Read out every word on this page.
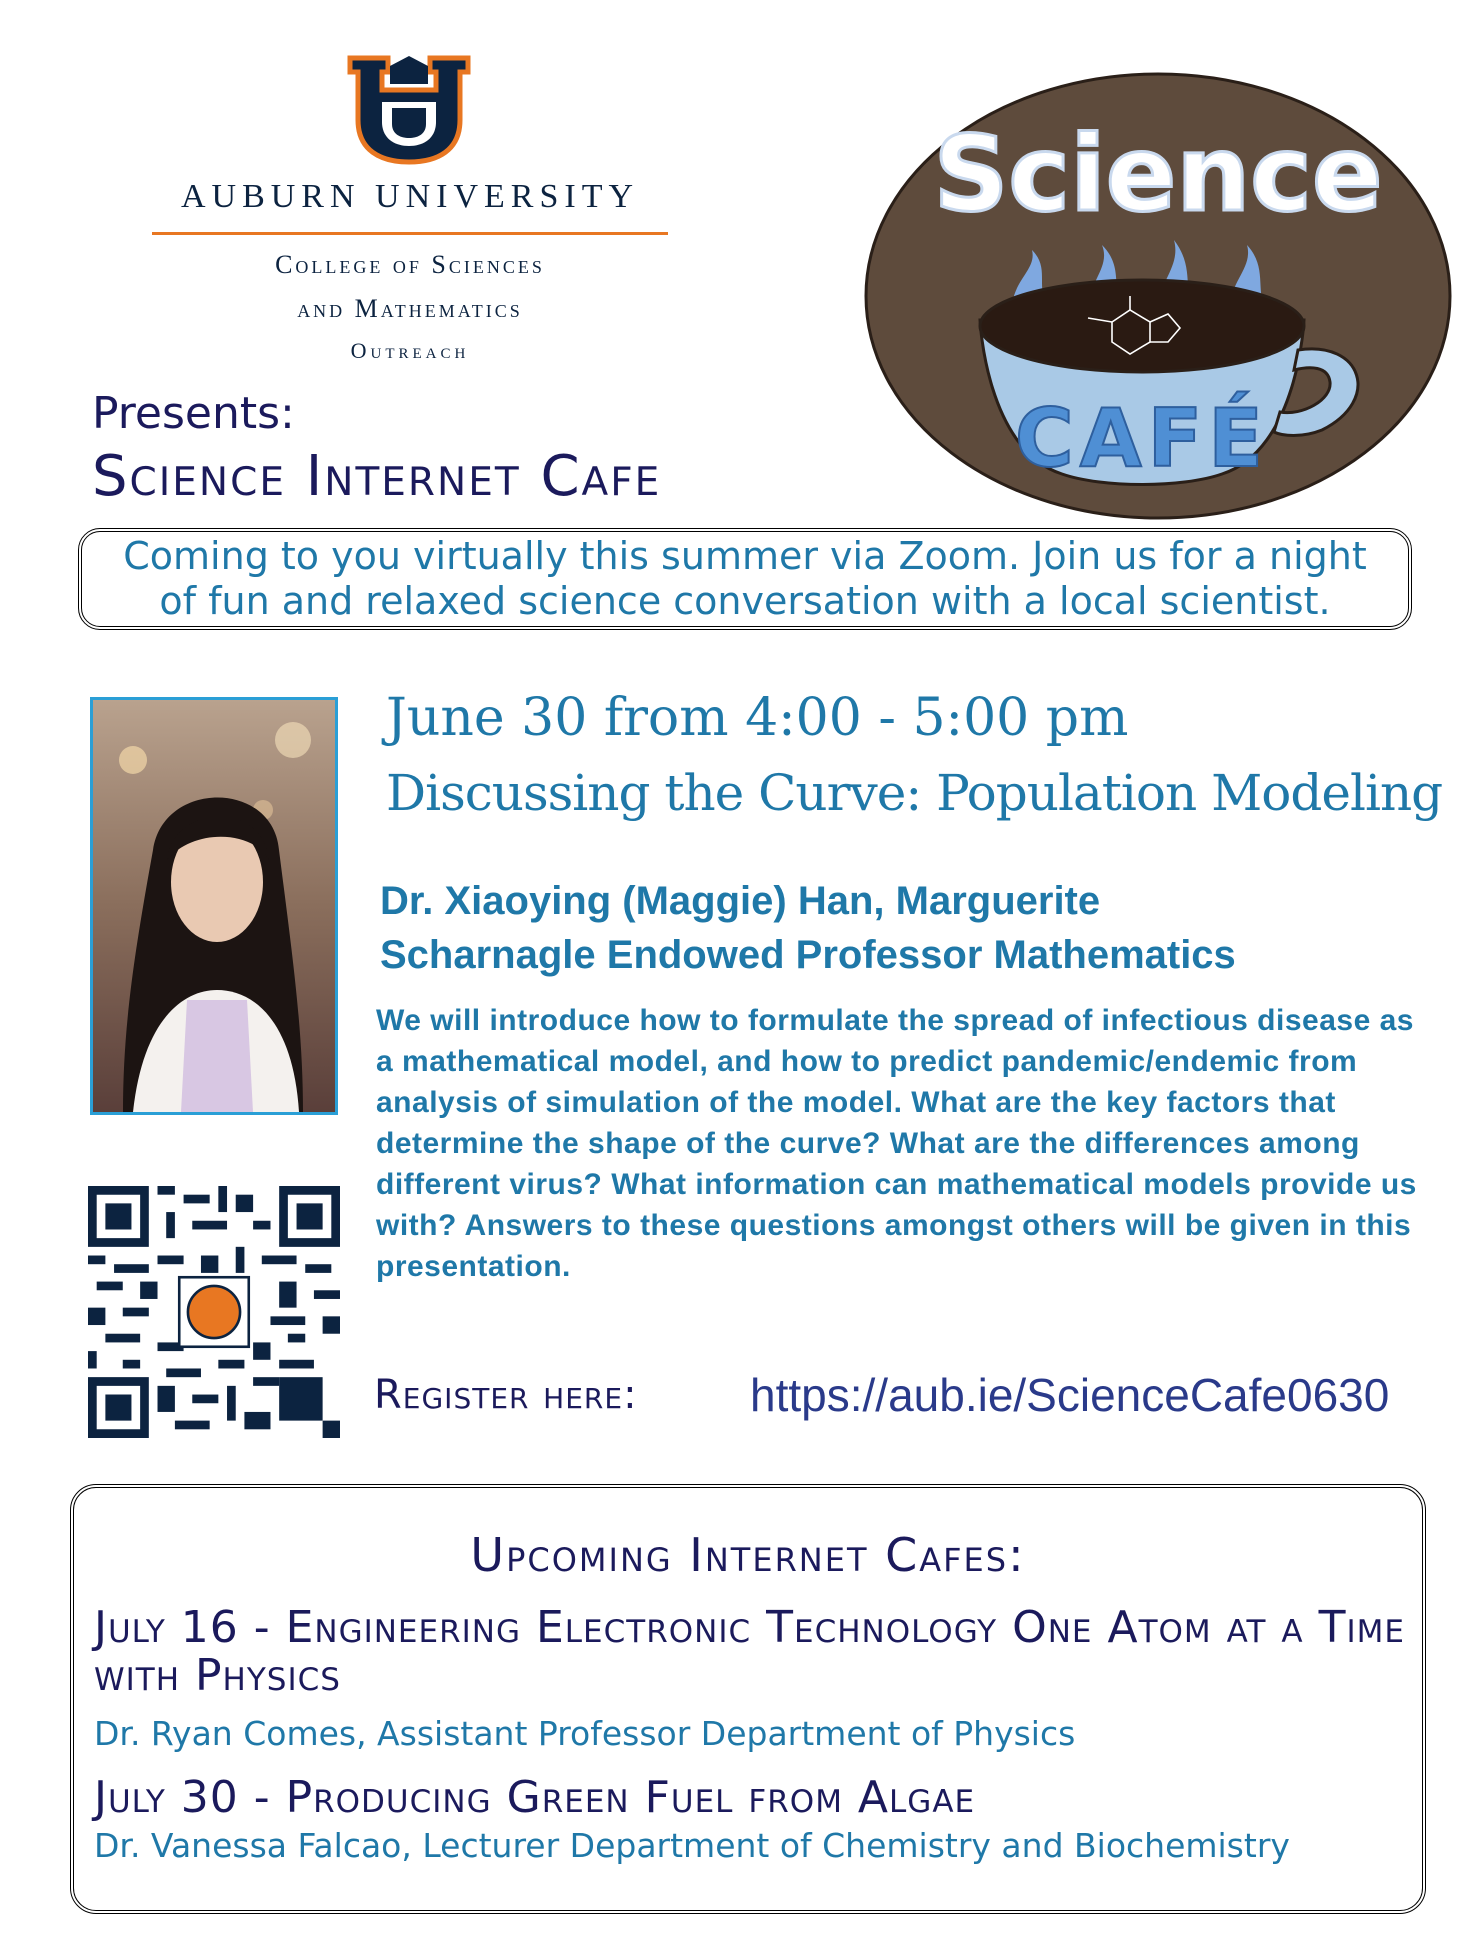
AUBURN UNIVERSITY
College of Sciences
and Mathematics
Outreach
Presents:
Science Internet Cafe
Science
CAFÉ
Coming to you virtually this summer via Zoom. Join us for a night of fun and relaxed science conversation with a local scientist.
June 30 from 4:00 - 5:00 pm
Discussing the Curve: Population Modeling
Dr. Xiaoying (Maggie) Han, Marguerite
Scharnagle Endowed Professor Mathematics
We will introduce how to formulate the spread of infectious disease as a mathematical model, and how to predict pandemic/endemic from analysis of simulation of the model. What are the key factors that determine the shape of the curve? What are the differences among different virus? What information can mathematical models provide us with? Answers to these questions amongst others will be given in this presentation.
Register here: https://aub.ie/ScienceCafe0630
Upcoming Internet Cafes:
July 16 - Engineering Electronic Technology One Atom at a Time with Physics
Dr. Ryan Comes, Assistant Professor Department of Physics
July 30 - Producing Green Fuel from Algae
Dr. Vanessa Falcao, Lecturer Department of Chemistry and Biochemistry
